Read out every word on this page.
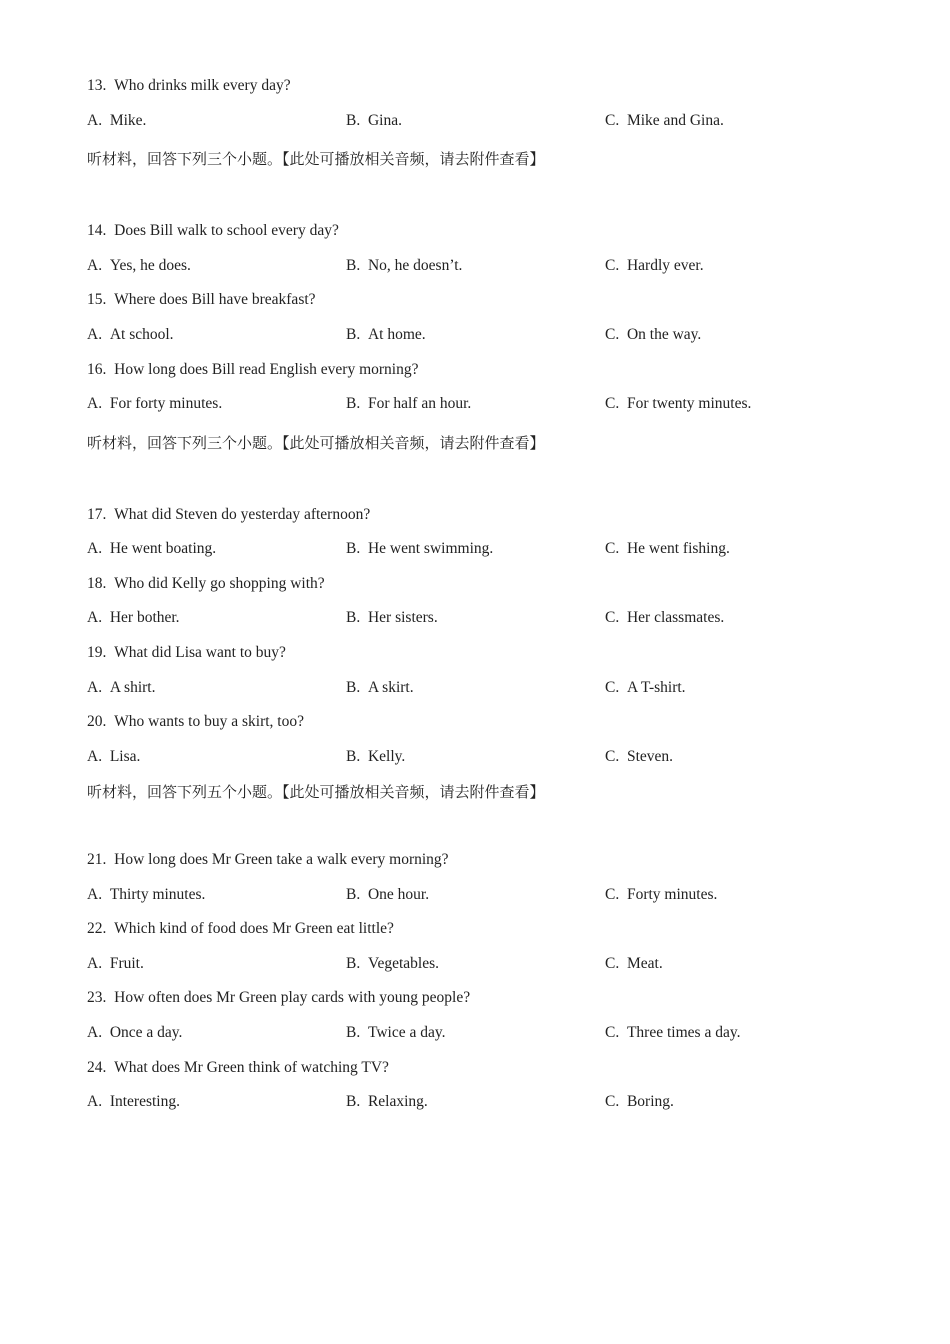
13. Who drinks milk every day?
A. Mike.	B. Gina.	C. Mike and Gina.
听材料，回答下列三个小题。【此处可播放相关音频，请去附件查看】
14. Does Bill walk to school every day?
A. Yes, he does.	B. No, he doesn’t.	C. Hardly ever.
15. Where does Bill have breakfast?
A. At school.	B. At home.	C. On the way.
16. How long does Bill read English every morning?
A. For forty minutes.	B. For half an hour.	C. For twenty minutes.
听材料，回答下列三个小题。【此处可播放相关音频，请去附件查看】
17. What did Steven do yesterday afternoon?
A. He went boating.	B. He went swimming.	C. He went fishing.
18. Who did Kelly go shopping with?
A. Her bother.	B. Her sisters.	C. Her classmates.
19. What did Lisa want to buy?
A. A shirt.	B. A skirt.	C. A T-shirt.
20. Who wants to buy a skirt, too?
A. Lisa.	B. Kelly.	C. Steven.
听材料，回答下列五个小题。【此处可播放相关音频，请去附件查看】
21. How long does Mr Green take a walk every morning?
A. Thirty minutes.	B. One hour.	C. Forty minutes.
22. Which kind of food does Mr Green eat little?
A. Fruit.	B. Vegetables.	C. Meat.
23. How often does Mr Green play cards with young people?
A. Once a day.	B. Twice a day.	C. Three times a day.
24. What does Mr Green think of watching TV?
A. Interesting.	B. Relaxing.	C. Boring.
